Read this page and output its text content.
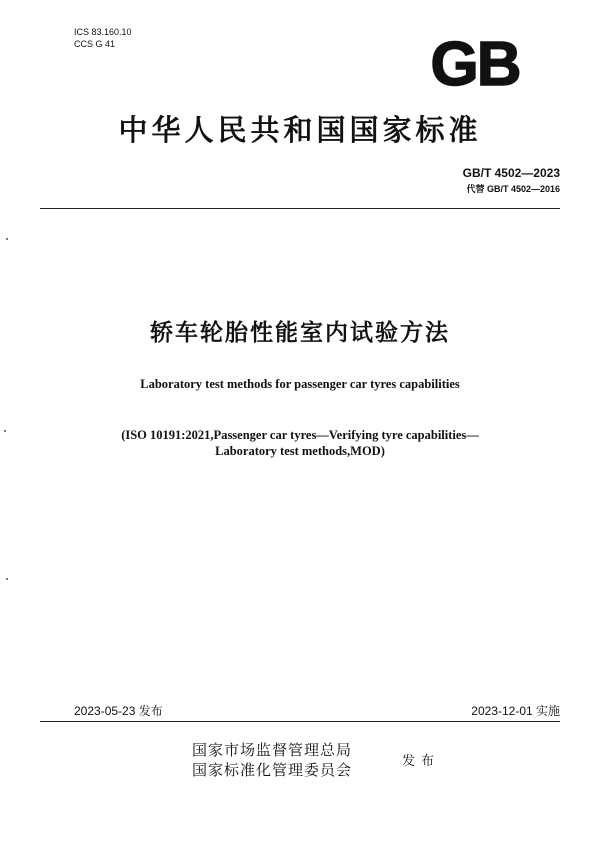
ICS 83.160.10
CCS G 41	GB
中华人民共和国国家标准
GB/T 4502—2023
代替 GB/T 4502—2016
轿车轮胎性能室内试验方法
Laboratory test methods for passenger car tyres capabilities
(ISO 10191:2021,Passenger car tyres—Verifying tyre capabilities—
Laboratory test methods,MOD)
2023-05-23 发布	2023-12-01 实施
国家市场监督管理总局
国家标准化管理委员会	发布
